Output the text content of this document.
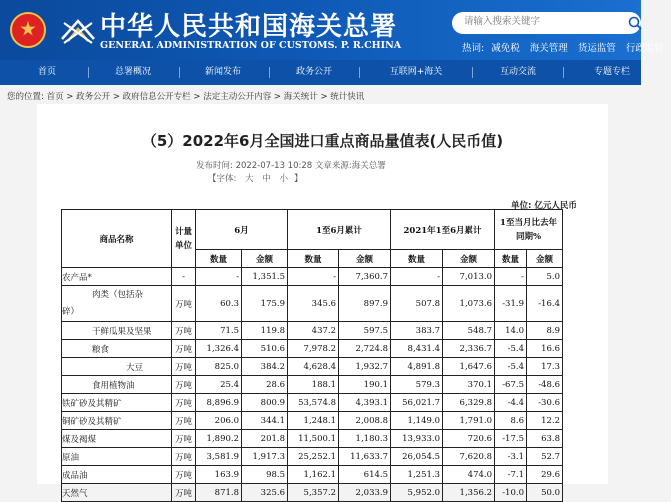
中华人民共和国海关总署
GENERAL ADMINISTRATION OF CUSTOMS. P. R.CHINA
请输入搜索关键字	热词: 减免税 海关管理 货运监管 行政监管
首页	总署概况	新闻发布	政务公开	互联网+海关	互动交流	专题专栏
您的位置: 首页 > 政务公开 > 政府信息公开专栏 > 法定主动公开内容 > 海关统计 > 统计快讯
（5）2022年6月全国进口重点商品量值表(人民币值)
发布时间: 2022-07-13 10:28 文章来源:海关总署
【字体: 大 中 小 】
单位: 亿元人民币
商品名称	计量单位	6月		1至6月累计		2021年1至6月累计		1至当月比去年同期%	
		数量	金额	数量	金额	数量	金额	数量	金额
农产品*	-	-	1,351.5	-	7,360.7	-	7,013.0	-	5.0

肉类（包括杂
碎）	万吨	60.3	175.9	345.6	897.9	507.8	1,073.6	-31.9	-16.4
干鲜瓜果及坚果	万吨	71.5	119.8	437.2	597.5	383.7	548.7	14.0	8.9
粮食	万吨	1,326.4	510.6	7,978.2	2,724.8	8,431.4	2,336.7	-5.4	16.6
大豆	万吨	825.0	384.2	4,628.4	1,932.7	4,891.8	1,647.6	-5.4	17.3
食用植物油	万吨	25.4	28.6	188.1	190.1	579.3	370.1	-67.5	-48.6
铁矿砂及其精矿	万吨	8,896.9	800.9	53,574.8	4,393.1	56,021.7	6,329.8	-4.4	-30.6
铜矿砂及其精矿	万吨	206.0	344.1	1,248.1	2,008.8	1,149.0	1,791.0	8.6	12.2
煤及褐煤	万吨	1,890.2	201.8	11,500.1	1,180.3	13,933.0	720.6	-17.5	63.8
原油	万吨	3,581.9	1,917.3	25,252.1	11,633.7	26,054.5	7,620.8	-3.1	52.7
成品油	万吨	163.9	98.5	1,162.1	614.5	1,251.3	474.0	-7.1	29.6
天然气	万吨	871.8	325.6	5,357.2	2,033.9	5,952.0	1,356.2	-10.0	50.0
